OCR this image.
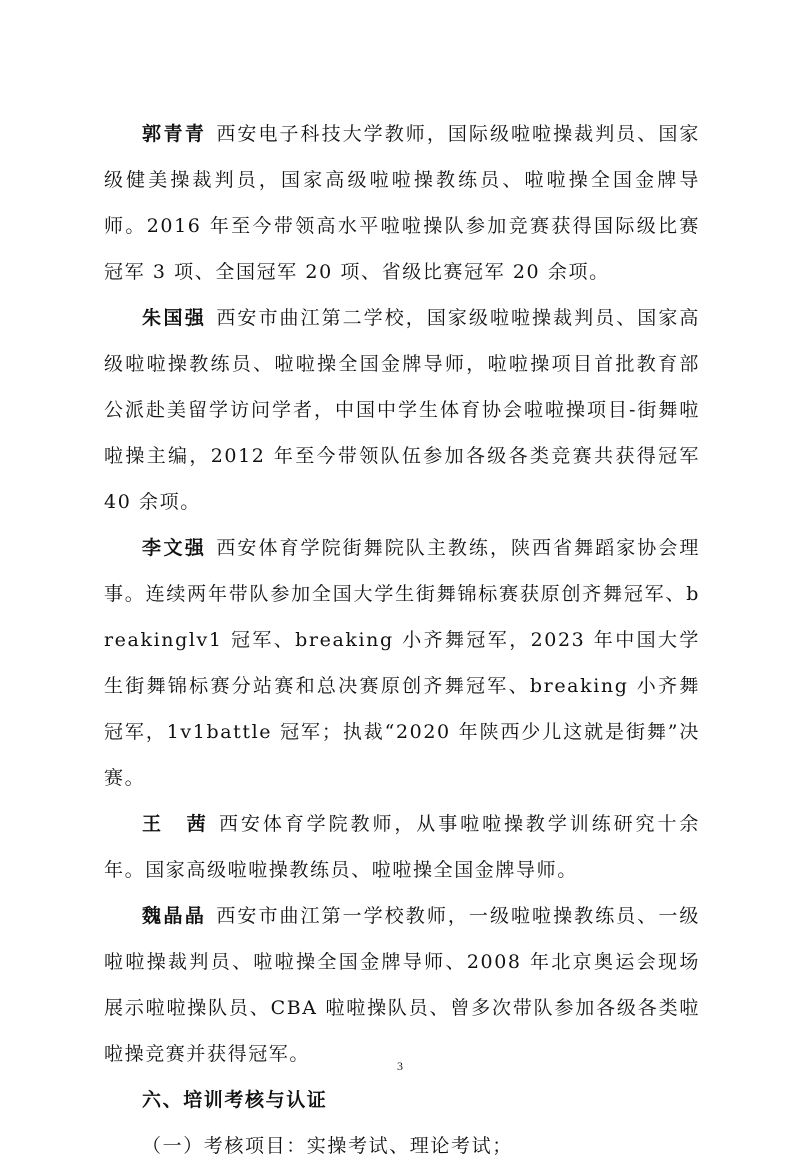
郭青青 西安电子科技大学教师，国际级啦啦操裁判员、国家级健美操裁判员，国家高级啦啦操教练员、啦啦操全国金牌导师。2016 年至今带领高水平啦啦操队参加竞赛获得国际级比赛冠军 3 项、全国冠军 20 项、省级比赛冠军 20 余项。

朱国强 西安市曲江第二学校，国家级啦啦操裁判员、国家高级啦啦操教练员、啦啦操全国金牌导师，啦啦操项目首批教育部公派赴美留学访问学者，中国中学生体育协会啦啦操项目-街舞啦啦操主编，2012 年至今带领队伍参加各级各类竞赛共获得冠军 40 余项。

李文强 西安体育学院街舞院队主教练，陕西省舞蹈家协会理事。连续两年带队参加全国大学生街舞锦标赛获原创齐舞冠军、breakinglv1 冠军、breaking 小齐舞冠军，2023 年中国大学生街舞锦标赛分站赛和总决赛原创齐舞冠军、breaking 小齐舞冠军，1v1battle 冠军；执裁“2020 年陕西少儿这就是街舞”决赛。

王　茜 西安体育学院教师，从事啦啦操教学训练研究十余年。国家高级啦啦操教练员、啦啦操全国金牌导师。

魏晶晶 西安市曲江第一学校教师，一级啦啦操教练员、一级啦啦操裁判员、啦啦操全国金牌导师、2008 年北京奥运会现场展示啦啦操队员、CBA 啦啦操队员、曾多次带队参加各级各类啦啦操竞赛并获得冠军。

六、培训考核与认证

（一）考核项目：实操考试、理论考试；

3
